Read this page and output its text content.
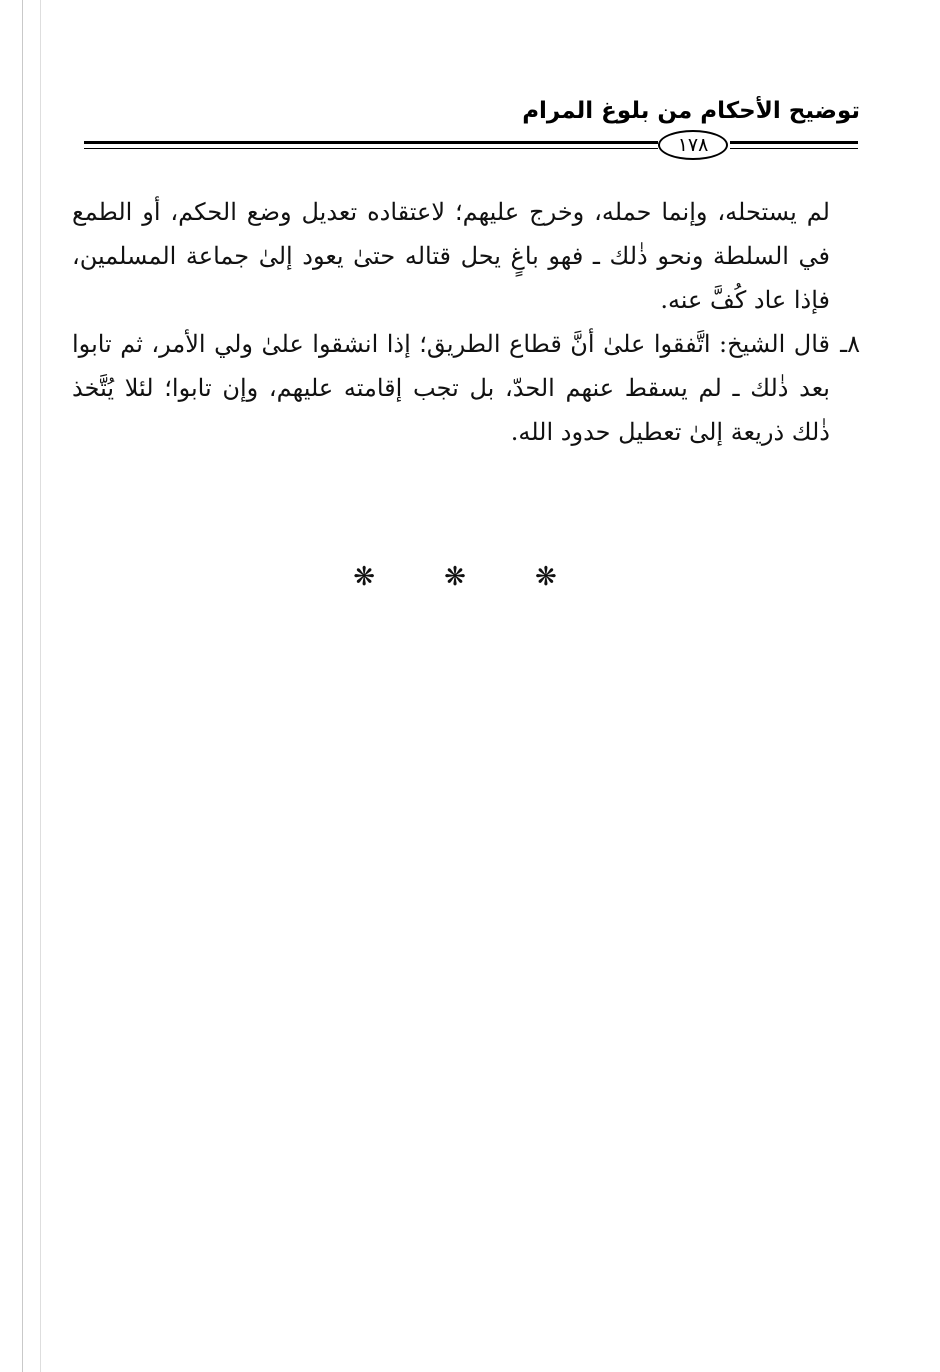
توضيح الأحكام من بلوغ المرام
١٧٨

لم يستحله، وإنما حمله، وخرج عليهم؛ لاعتقاده تعديل وضع الحكم، أو الطمع في السلطة ونحو ذٰلك ـ فهو باغٍ يحل قتاله حتىٰ يعود إلىٰ جماعة المسلمين، فإذا عاد كُفَّ عنه.

٨ـقال الشيخ: اتَّفقوا علىٰ أنَّ قطاع الطريق؛ إذا انشقوا علىٰ ولي الأمر، ثم تابوا بعد ذٰلك ـ لم يسقط عنهم الحدّ، بل تجب إقامته عليهم، وإن تابوا؛ لئلا يُتَّخذ ذٰلك ذريعة إلىٰ تعطيل حدود الله.

❋ ❋ ❋
